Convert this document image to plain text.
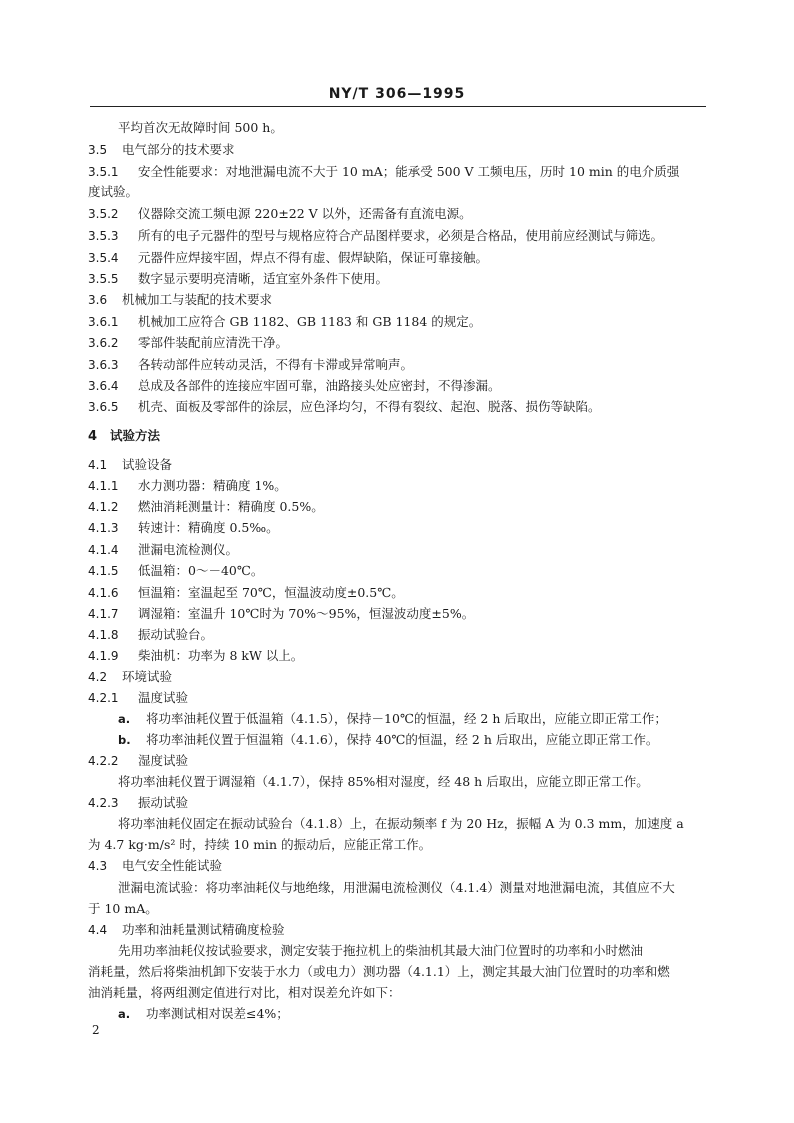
NY/T 306—1995
平均首次无故障时间 500 h。
3.5 电气部分的技术要求
3.5.1 安全性能要求：对地泄漏电流不大于 10 mA；能承受 500 V 工频电压，历时 10 min 的电介质强
度试验。
3.5.2 仪器除交流工频电源 220±22 V 以外，还需备有直流电源。
3.5.3 所有的电子元器件的型号与规格应符合产品图样要求，必须是合格品，使用前应经测试与筛选。
3.5.4 元器件应焊接牢固，焊点不得有虚、假焊缺陷，保证可靠接触。
3.5.5 数字显示要明亮清晰，适宜室外条件下使用。
3.6 机械加工与装配的技术要求
3.6.1 机械加工应符合 GB 1182、GB 1183 和 GB 1184 的规定。
3.6.2 零部件装配前应清洗干净。
3.6.3 各转动部件应转动灵活，不得有卡滞或异常响声。
3.6.4 总成及各部件的连接应牢固可靠，油路接头处应密封，不得渗漏。
3.6.5 机壳、面板及零部件的涂层，应色泽均匀，不得有裂纹、起泡、脱落、损伤等缺陷。
4 试验方法
4.1 试验设备
4.1.1 水力测功器：精确度 1%。
4.1.2 燃油消耗测量计：精确度 0.5%。
4.1.3 转速计：精确度 0.5‰。
4.1.4 泄漏电流检测仪。
4.1.5 低温箱：0～－40℃。
4.1.6 恒温箱：室温起至 70℃，恒温波动度±0.5℃。
4.1.7 调湿箱：室温升 10℃时为 70%～95%，恒湿波动度±5%。
4.1.8 振动试验台。
4.1.9 柴油机：功率为 8 kW 以上。
4.2 环境试验
4.2.1 温度试验
a. 将功率油耗仪置于低温箱（4.1.5），保持－10℃的恒温，经 2 h 后取出，应能立即正常工作；
b. 将功率油耗仪置于恒温箱（4.1.6），保持 40℃的恒温，经 2 h 后取出，应能立即正常工作。
4.2.2 湿度试验
将功率油耗仪置于调湿箱（4.1.7），保持 85%相对湿度，经 48 h 后取出，应能立即正常工作。
4.2.3 振动试验
将功率油耗仪固定在振动试验台（4.1.8）上，在振动频率 f 为 20 Hz，振幅 A 为 0.3 mm，加速度 a
为 4.7 kg·m/s² 时，持续 10 min 的振动后，应能正常工作。
4.3 电气安全性能试验
泄漏电流试验：将功率油耗仪与地绝缘，用泄漏电流检测仪（4.1.4）测量对地泄漏电流，其值应不大
于 10 mA。
4.4 功率和油耗量测试精确度检验
先用功率油耗仪按试验要求，测定安装于拖拉机上的柴油机其最大油门位置时的功率和小时燃油
消耗量，然后将柴油机卸下安装于水力（或电力）测功器（4.1.1）上，测定其最大油门位置时的功率和燃
油消耗量，将两组测定值进行对比，相对误差允许如下：
a. 功率测试相对误差≤4%；
2
